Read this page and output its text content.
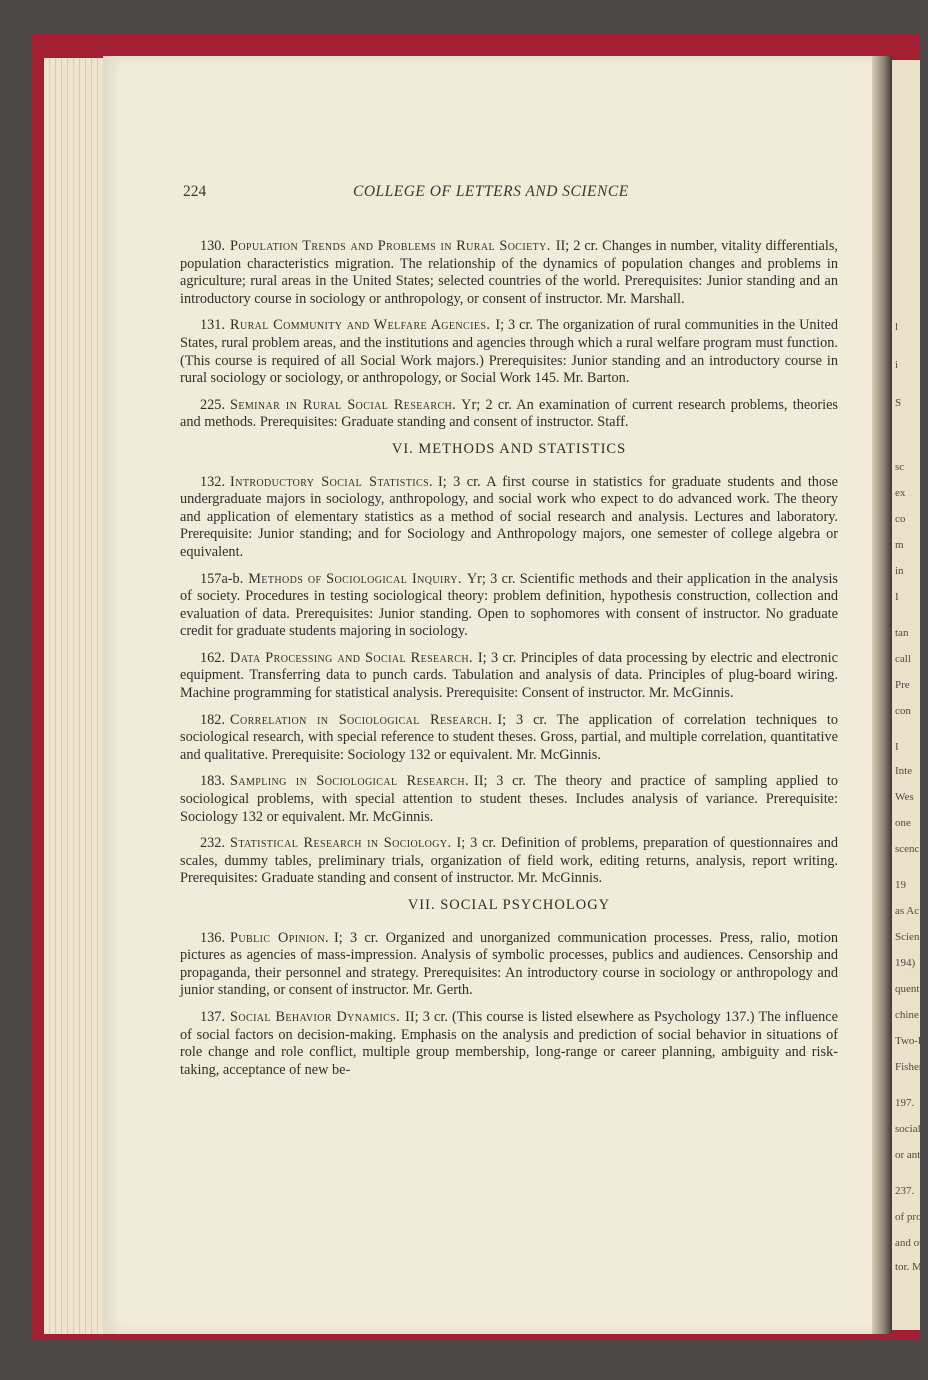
l
i
S
sc
ex
co
m
in
I
tan
call
Pre
con
I
Inte
Wes
one
scenc
19
as Ac
Scien
194)
quent
chine
Two-l
Fisher
197.
socialp
or anth
237.
of prop
and oth
tor. Mr.
224	COLLEGE OF LETTERS AND SCIENCE

130. Population Trends and Problems in Rural Society. II; 2 cr. Changes in number, vitality differentials, population characteristics migration. The relationship of the dynamics of population changes and problems in agriculture; rural areas in the United States; selected countries of the world. Prerequisites: Junior standing and an introductory course in sociology or anthropology, or consent of instructor. Mr. Marshall.

131. Rural Community and Welfare Agencies. I; 3 cr. The organization of rural communities in the United States, rural problem areas, and the institutions and agencies through which a rural welfare program must function. (This course is required of all Social Work majors.) Prerequisites: Junior standing and an introductory course in rural sociology or sociology, or anthropology, or Social Work 145. Mr. Barton.

225. Seminar in Rural Social Research. Yr; 2 cr. An examination of current research problems, theories and methods. Prerequisites: Graduate standing and consent of instructor. Staff.

VI. METHODS AND STATISTICS

132. Introductory Social Statistics. I; 3 cr. A first course in statistics for graduate students and those undergraduate majors in sociology, anthropology, and social work who expect to do advanced work. The theory and application of elementary statistics as a method of social research and analysis. Lectures and laboratory. Prerequisite: Junior standing; and for Sociology and Anthropology majors, one semester of college algebra or equivalent.

157a-b. Methods of Sociological Inquiry. Yr; 3 cr. Scientific methods and their application in the analysis of society. Procedures in testing sociological theory: problem definition, hypothesis construction, collection and evaluation of data. Prerequisites: Junior standing. Open to sophomores with consent of instructor. No graduate credit for graduate students majoring in sociology.

162. Data Processing and Social Research. I; 3 cr. Principles of data processing by electric and electronic equipment. Transferring data to punch cards. Tabulation and analysis of data. Principles of plug-board wiring. Machine programming for statistical analysis. Prerequisite: Consent of instructor. Mr. McGinnis.

182. Correlation in Sociological Research. I; 3 cr. The application of correlation techniques to sociological research, with special reference to student theses. Gross, partial, and multiple correlation, quantitative and qualitative. Prerequisite: Sociology 132 or equivalent. Mr. McGinnis.

183. Sampling in Sociological Research. II; 3 cr. The theory and practice of sampling applied to sociological problems, with special attention to student theses. Includes analysis of variance. Prerequisite: Sociology 132 or equivalent. Mr. McGinnis.

232. Statistical Research in Sociology. I; 3 cr. Definition of problems, preparation of questionnaires and scales, dummy tables, preliminary trials, organization of field work, editing returns, analysis, report writing. Prerequisites: Graduate standing and consent of instructor. Mr. McGinnis.

VII. SOCIAL PSYCHOLOGY

136. Public Opinion. I; 3 cr. Organized and unorganized communication processes. Press, ralio, motion pictures as agencies of mass-impression. Analysis of symbolic processes, publics and audiences. Censorship and propaganda, their personnel and strategy. Prerequisites: An introductory course in sociology or anthropology and junior standing, or consent of instructor. Mr. Gerth.

137. Social Behavior Dynamics. II; 3 cr. (This course is listed elsewhere as Psychology 137.) The influence of social factors on decision-making. Emphasis on the analysis and prediction of social behavior in situations of role change and role conflict, multiple group membership, long-range or career planning, ambiguity and risk-taking, acceptance of new be-
